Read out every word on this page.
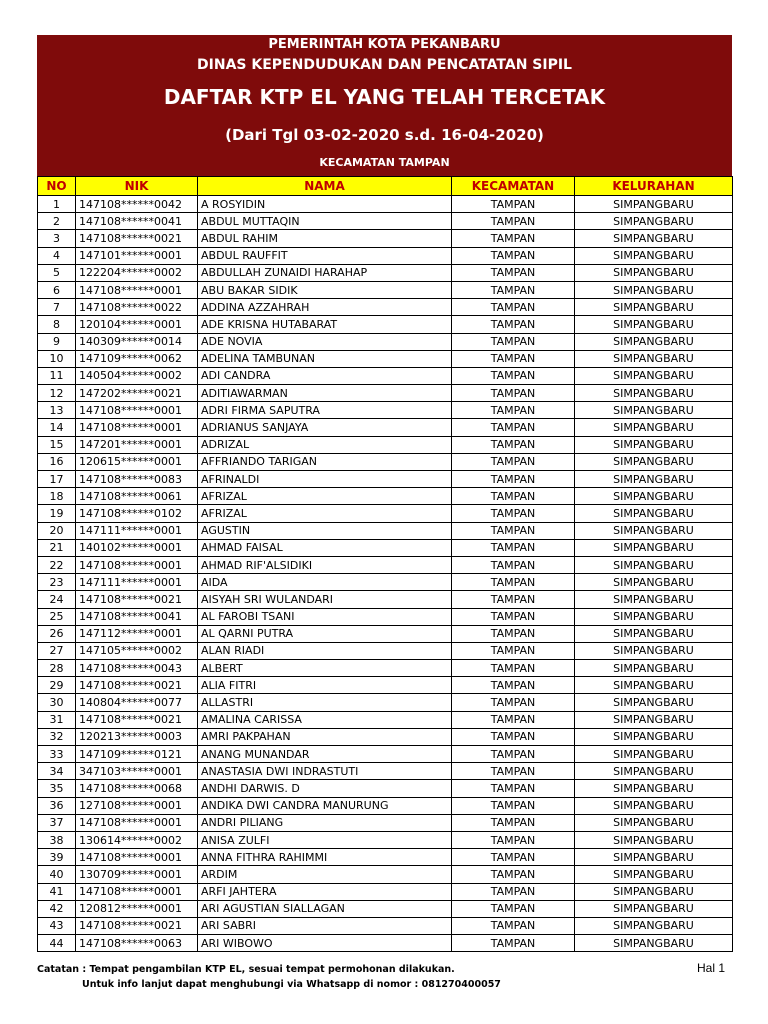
PEMERINTAH KOTA PEKANBARU
DINAS KEPENDUDUKAN DAN PENCATATAN SIPIL
DAFTAR KTP EL YANG TELAH TERCETAK
(Dari Tgl 03-02-2020 s.d. 16-04-2020)
KECAMATAN TAMPAN
NO	NIK	NAMA	KECAMATAN	KELURAHAN
1	147108******0042	A ROSYIDIN	TAMPAN	SIMPANGBARU
2	147108******0041	ABDUL MUTTAQIN	TAMPAN	SIMPANGBARU
3	147108******0021	ABDUL RAHIM	TAMPAN	SIMPANGBARU
4	147101******0001	ABDUL RAUFFIT	TAMPAN	SIMPANGBARU
5	122204******0002	ABDULLAH ZUNAIDI HARAHAP	TAMPAN	SIMPANGBARU
6	147108******0001	ABU BAKAR SIDIK	TAMPAN	SIMPANGBARU
7	147108******0022	ADDINA AZZAHRAH	TAMPAN	SIMPANGBARU
8	120104******0001	ADE KRISNA HUTABARAT	TAMPAN	SIMPANGBARU
9	140309******0014	ADE NOVIA	TAMPAN	SIMPANGBARU
10	147109******0062	ADELINA TAMBUNAN	TAMPAN	SIMPANGBARU
11	140504******0002	ADI CANDRA	TAMPAN	SIMPANGBARU
12	147202******0021	ADITIAWARMAN	TAMPAN	SIMPANGBARU
13	147108******0001	ADRI FIRMA SAPUTRA	TAMPAN	SIMPANGBARU
14	147108******0001	ADRIANUS SANJAYA	TAMPAN	SIMPANGBARU
15	147201******0001	ADRIZAL	TAMPAN	SIMPANGBARU
16	120615******0001	AFFRIANDO TARIGAN	TAMPAN	SIMPANGBARU
17	147108******0083	AFRINALDI	TAMPAN	SIMPANGBARU
18	147108******0061	AFRIZAL	TAMPAN	SIMPANGBARU
19	147108******0102	AFRIZAL	TAMPAN	SIMPANGBARU
20	147111******0001	AGUSTIN	TAMPAN	SIMPANGBARU
21	140102******0001	AHMAD FAISAL	TAMPAN	SIMPANGBARU
22	147108******0001	AHMAD RIF'ALSIDIKI	TAMPAN	SIMPANGBARU
23	147111******0001	AIDA	TAMPAN	SIMPANGBARU
24	147108******0021	AISYAH SRI WULANDARI	TAMPAN	SIMPANGBARU
25	147108******0041	AL FAROBI TSANI	TAMPAN	SIMPANGBARU
26	147112******0001	AL QARNI PUTRA	TAMPAN	SIMPANGBARU
27	147105******0002	ALAN RIADI	TAMPAN	SIMPANGBARU
28	147108******0043	ALBERT	TAMPAN	SIMPANGBARU
29	147108******0021	ALIA FITRI	TAMPAN	SIMPANGBARU
30	140804******0077	ALLASTRI	TAMPAN	SIMPANGBARU
31	147108******0021	AMALINA CARISSA	TAMPAN	SIMPANGBARU
32	120213******0003	AMRI PAKPAHAN	TAMPAN	SIMPANGBARU
33	147109******0121	ANANG MUNANDAR	TAMPAN	SIMPANGBARU
34	347103******0001	ANASTASIA DWI INDRASTUTI	TAMPAN	SIMPANGBARU
35	147108******0068	ANDHI DARWIS. D	TAMPAN	SIMPANGBARU
36	127108******0001	ANDIKA DWI CANDRA MANURUNG	TAMPAN	SIMPANGBARU
37	147108******0001	ANDRI PILIANG	TAMPAN	SIMPANGBARU
38	130614******0002	ANISA ZULFI	TAMPAN	SIMPANGBARU
39	147108******0001	ANNA FITHRA RAHIMMI	TAMPAN	SIMPANGBARU
40	130709******0001	ARDIM	TAMPAN	SIMPANGBARU
41	147108******0001	ARFI JAHTERA	TAMPAN	SIMPANGBARU
42	120812******0001	ARI AGUSTIAN SIALLAGAN	TAMPAN	SIMPANGBARU
43	147108******0021	ARI SABRI	TAMPAN	SIMPANGBARU
44	147108******0063	ARI WIBOWO	TAMPAN	SIMPANGBARU
Catatan : Tempat pengambilan KTP EL, sesuai tempat permohonan dilakukan.
Untuk info lanjut dapat menghubungi via Whatsapp di nomor : 081270400057
Hal 1
